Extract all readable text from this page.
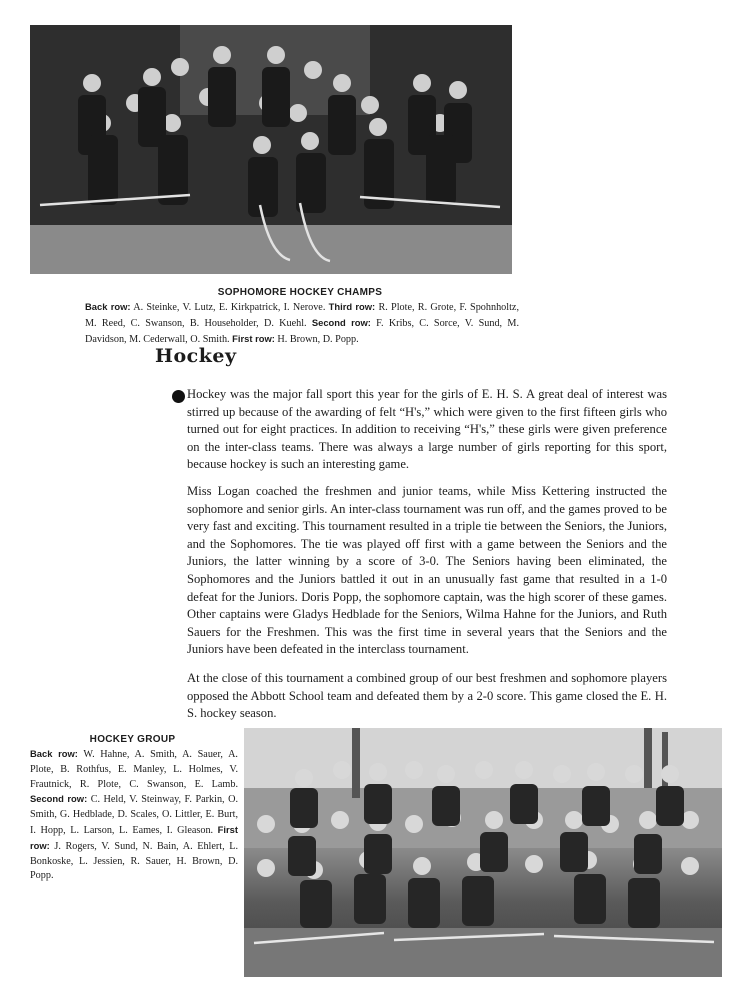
SOPHOMORE HOCKEY CHAMPS
Back row: A. Steinke, V. Lutz, E. Kirkpatrick, I. Nerove. Third row: R. Plote, R. Grote, F. Spohnholtz, M. Reed, C. Swanson, B. Householder, D. Kuehl. Second row: F. Kribs, C. Sorce, V. Sund, M. Davidson, M. Cederwall, O. Smith. First row: H. Brown, D. Popp.
Hockey

Hockey was the major fall sport this year for the girls of E. H. S. A great deal of interest was stirred up because of the awarding of felt “H's,” which were given to the first fifteen girls who turned out for eight practices. In addition to receiving “H's,” these girls were given preference on the inter-class teams. There was always a large number of girls reporting for this sport, because hockey is such an interesting game.

Miss Logan coached the freshmen and junior teams, while Miss Kettering instructed the sophomore and senior girls. An inter-class tournament was run off, and the games proved to be very fast and exciting. This tournament resulted in a triple tie between the Seniors, the Juniors, and the Sophomores. The tie was played off first with a game between the Seniors and the Juniors, the latter winning by a score of 3-0. The Seniors having been eliminated, the Sophomores and the Juniors battled it out in an unusually fast game that resulted in a 1-0 defeat for the Juniors. Doris Popp, the sophomore captain, was the high scorer of these games. Other captains were Gladys Hedblade for the Seniors, Wilma Hahne for the Juniors, and Ruth Sauers for the Freshmen. This was the first time in several years that the Seniors and the Juniors have been defeated in the interclass tournament.

At the close of this tournament a combined group of our best freshmen and sophomore players opposed the Abbott School team and defeated them by a 2-0 score. This game closed the E. H. S. hockey season.

HOCKEY GROUP
Back row: W. Hahne, A. Smith, A. Sauer, A. Plote, B. Rothfus, E. Manley, L. Holmes, V. Frautnick, R. Plote, C. Swanson, E. Lamb. Second row: C. Held, V. Steinway, F. Parkin, O. Smith, G. Hedblade, D. Scales, O. Littler, E. Burt, I. Hopp, L. Larson, L. Eames, I. Gleason. First row: J. Rogers, V. Sund, N. Bain, A. Ehlert, L. Bonkoske, L. Jessien, R. Sauer, H. Brown, D. Popp.
